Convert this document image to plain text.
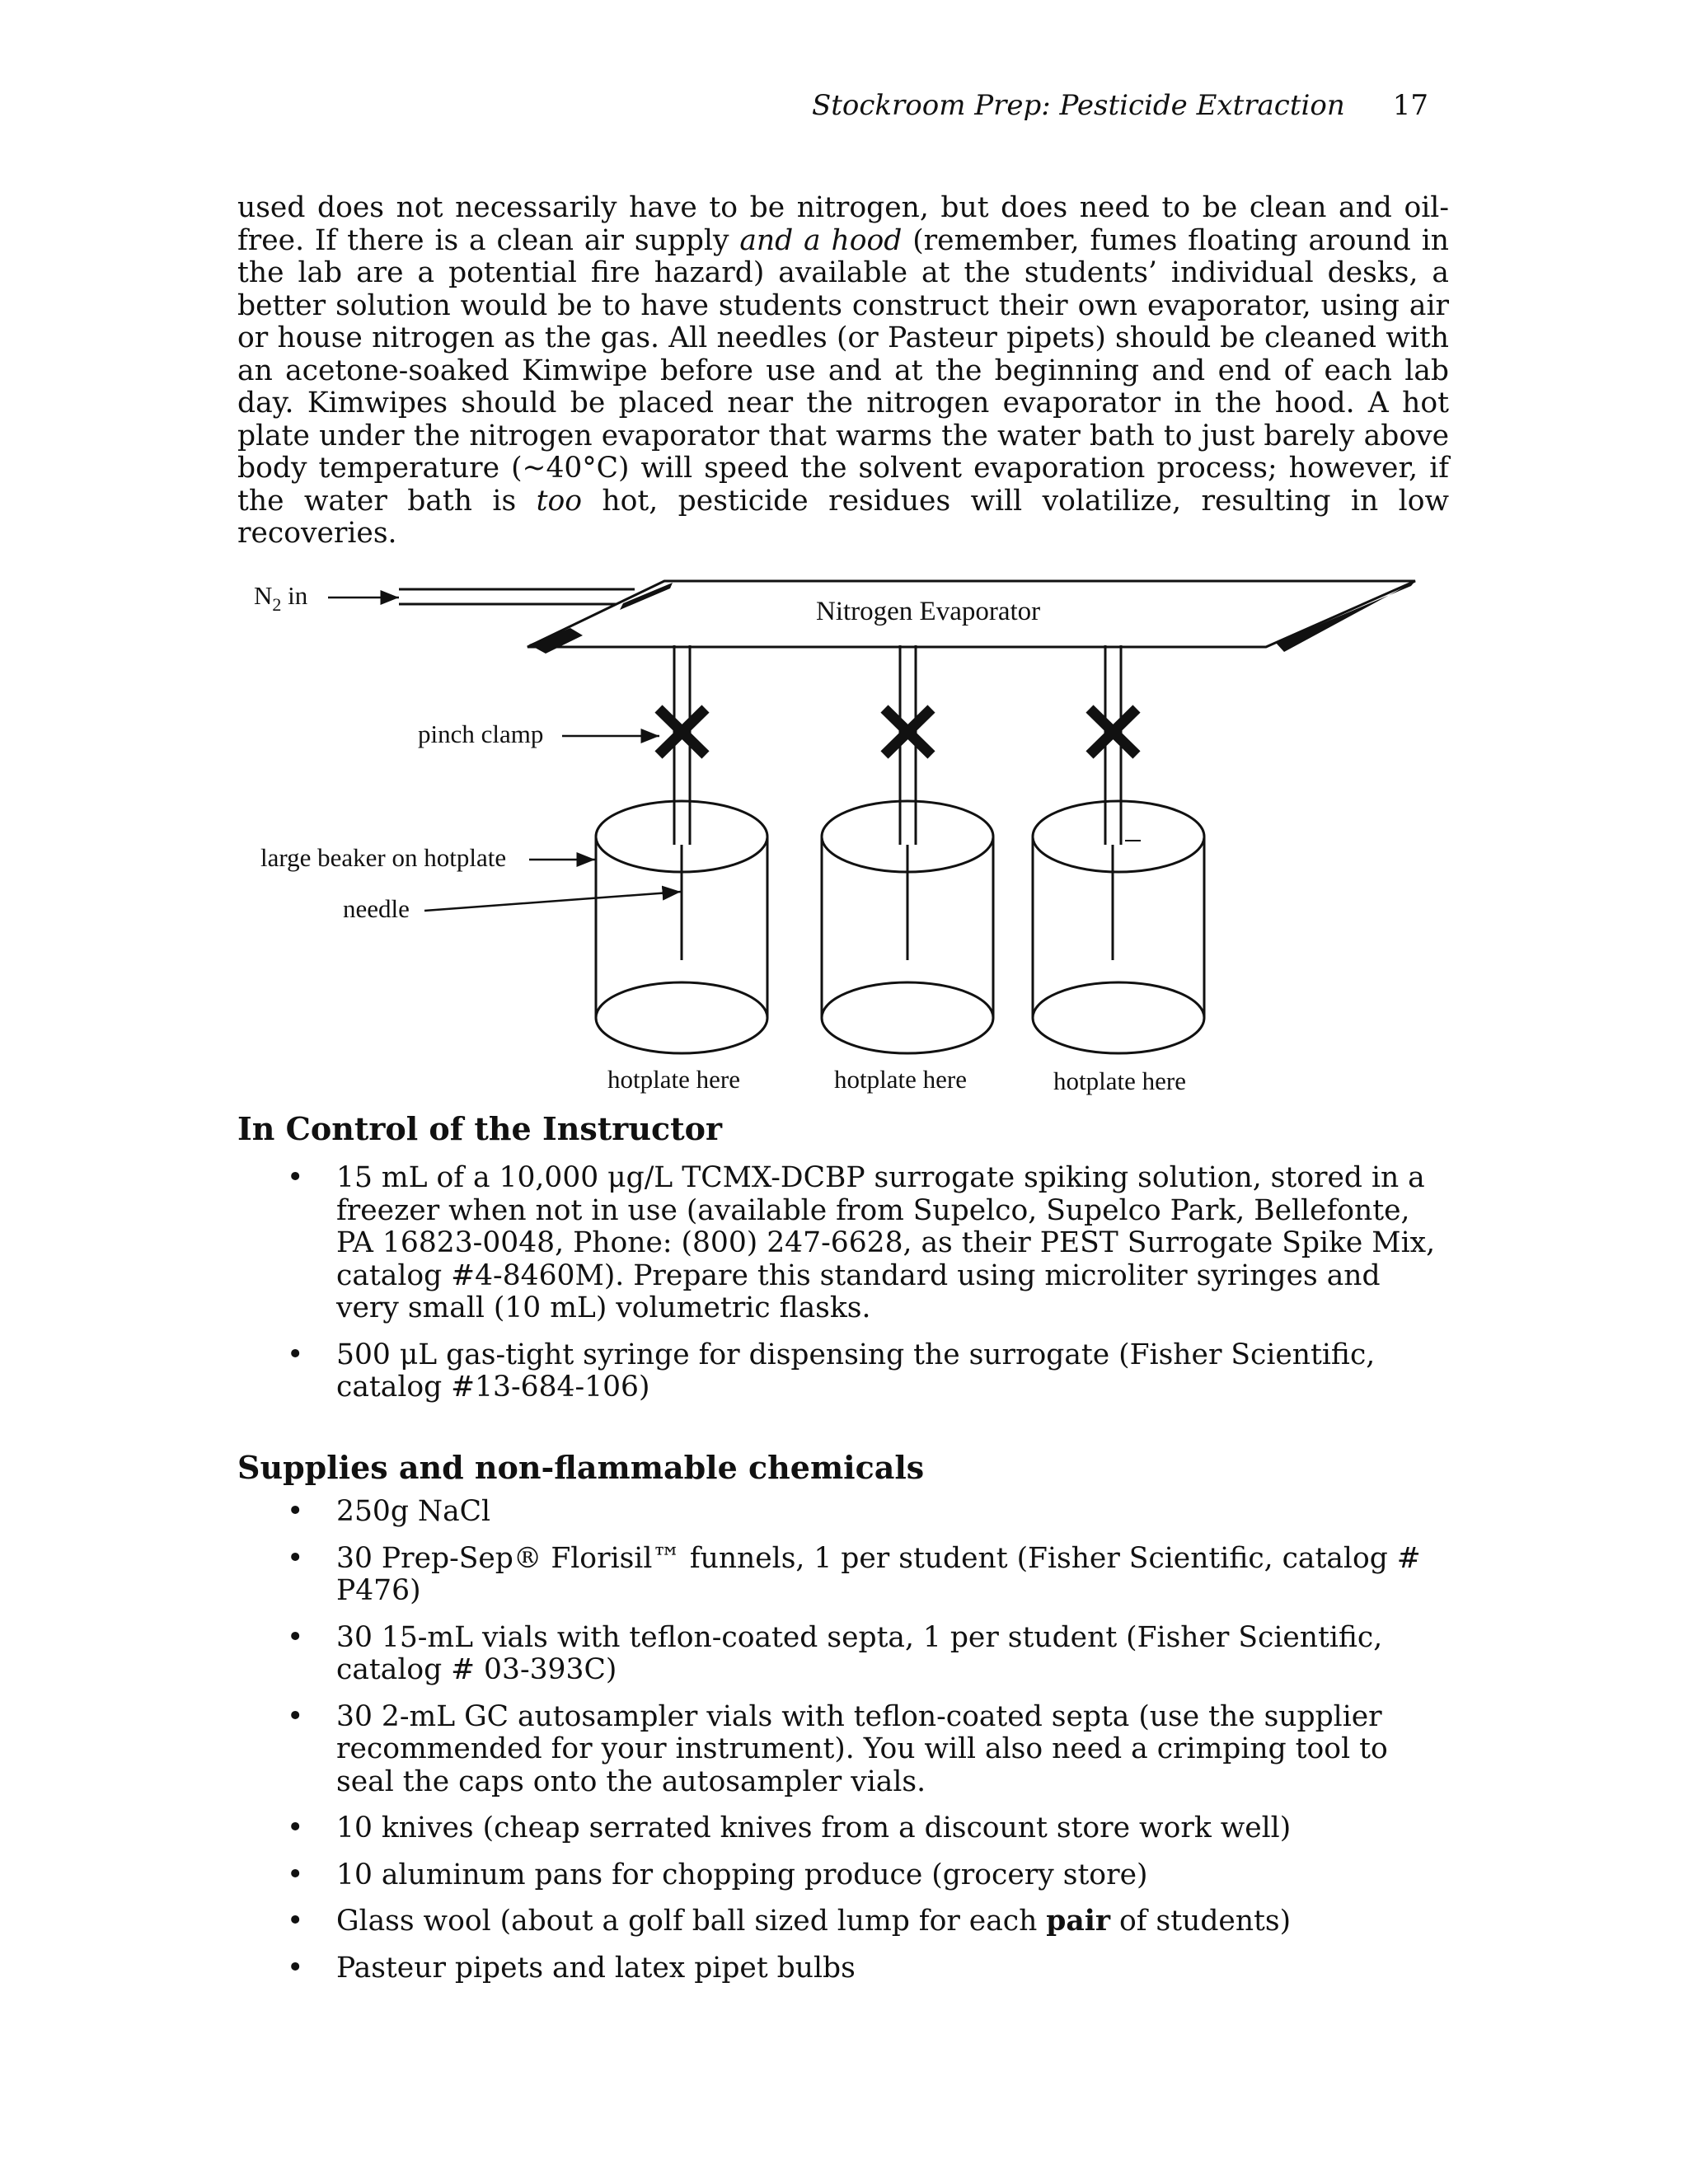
Stockroom Prep: Pesticide Extraction 17

used does not necessarily have to be nitrogen, but does need to be clean and oil-free. If there is a clean air supply and a hood (remember, fumes floating around in the lab are a potential fire hazard) available at the students’ individual desks, a better solution would be to have students construct their own evaporator, using air or house nitrogen as the gas. All needles (or Pasteur pipets) should be cleaned with an acetone-soaked Kimwipe before use and at the beginning and end of each lab day. Kimwipes should be placed near the nitrogen evaporator in the hood. A hot plate under the nitrogen evaporator that warms the water bath to just barely above body temperature (~40°C) will speed the solvent evaporation process; however, if the water bath is too hot, pesticide residues will volatilize, resulting in low recoveries.

$N_2$ in
Nitrogen Evaporator
pinch clamp
large beaker on hotplate
needle
hotplate here	hotplate here	hotplate here
In Control of the Instructor
• 15 mL of a 10,000 μg/L TCMX-DCBP surrogate spiking solution, stored in a freezer when not in use (available from Supelco, Supelco Park, Bellefonte, PA 16823-0048, Phone: (800) 247-6628, as their PEST Surrogate Spike Mix, catalog #4-8460M). Prepare this standard using microliter syringes and very small (10 mL) volumetric flasks.
• 500 μL gas-tight syringe for dispensing the surrogate (Fisher Scientific, catalog #13-684-106)
Supplies and non-flammable chemicals
• 250g NaCl
• 30 Prep-Sep® Florisil™ funnels, 1 per student (Fisher Scientific, catalog # P476)
• 30 15-mL vials with teflon-coated septa, 1 per student (Fisher Scientific, catalog # 03-393C)
• 30 2-mL GC autosampler vials with teflon-coated septa (use the supplier recommended for your instrument). You will also need a crimping tool to seal the caps onto the autosampler vials.
• 10 knives (cheap serrated knives from a discount store work well)
• 10 aluminum pans for chopping produce (grocery store)
• Glass wool (about a golf ball sized lump for each pair of students)
• Pasteur pipets and latex pipet bulbs
